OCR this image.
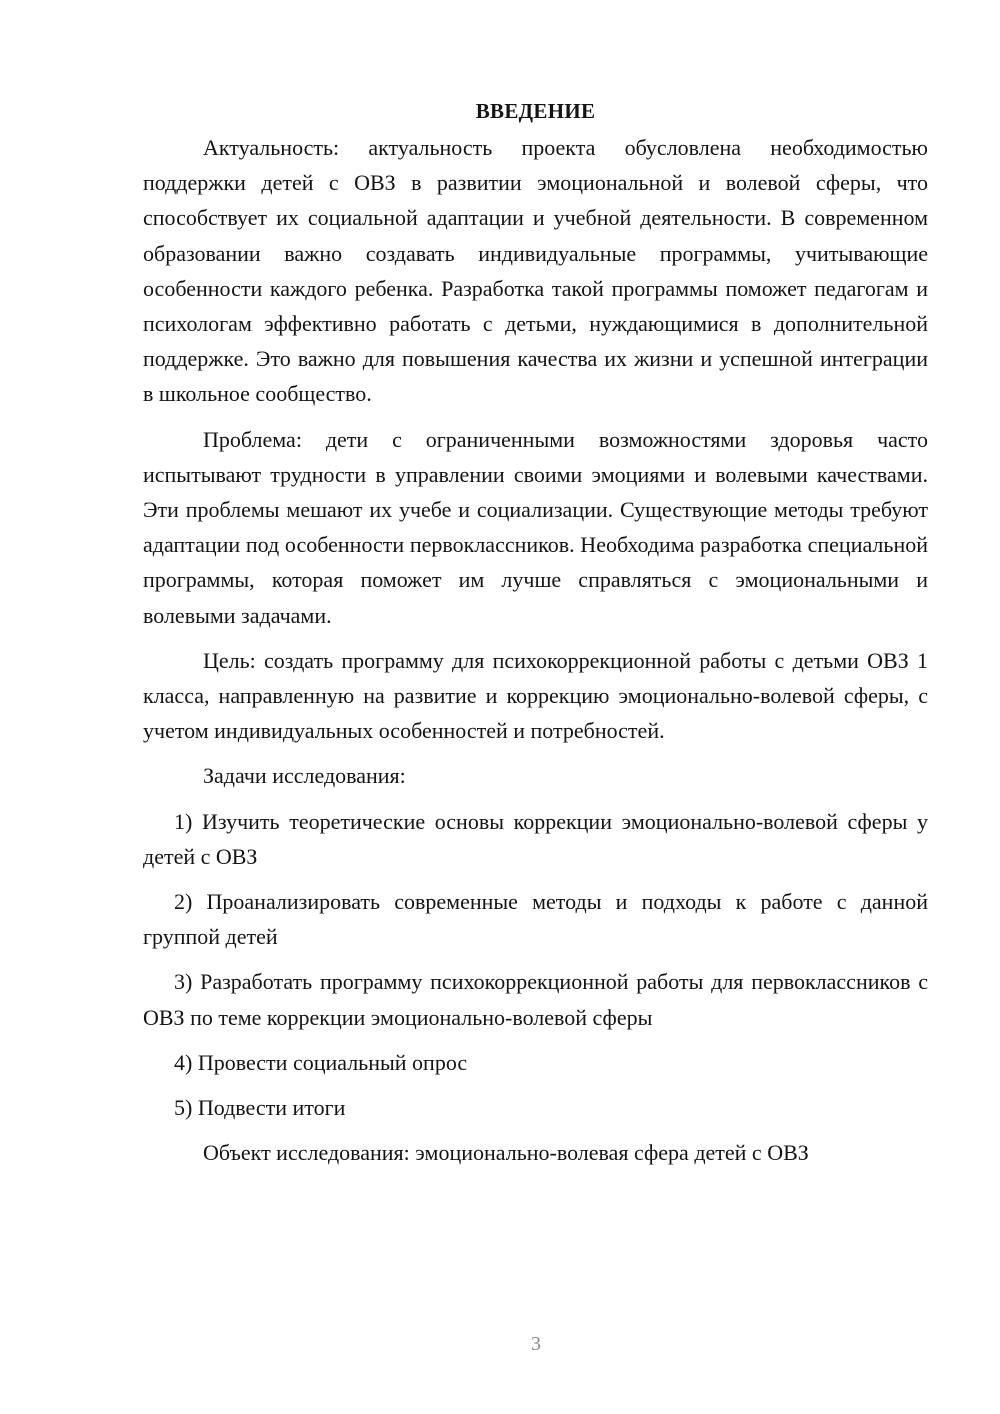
ВВЕДЕНИЕ

Актуальность: актуальность проекта обусловлена необходимостью поддержки детей с ОВЗ в развитии эмоциональной и волевой сферы, что способствует их социальной адаптации и учебной деятельности. В современном образовании важно создавать индивидуальные программы, учитывающие особенности каждого ребенка. Разработка такой программы поможет педагогам и психологам эффективно работать с детьми, нуждающимися в дополнительной поддержке. Это важно для повышения качества их жизни и успешной интеграции в школьное сообщество.

Проблема: дети с ограниченными возможностями здоровья часто испытывают трудности в управлении своими эмоциями и волевыми качествами. Эти проблемы мешают их учебе и социализации. Существующие методы требуют адаптации под особенности первоклассников. Необходима разработка специальной программы, которая поможет им лучше справляться с эмоциональными и волевыми задачами.

Цель: создать программу для психокоррекционной работы с детьми ОВЗ 1 класса, направленную на развитие и коррекцию эмоционально-волевой сферы, с учетом индивидуальных особенностей и потребностей.

Задачи исследования:

1) Изучить теоретические основы коррекции эмоционально-волевой сферы у детей с ОВЗ

2) Проанализировать современные методы и подходы к работе с данной группой детей

3) Разработать программу психокоррекционной работы для первоклассников с ОВЗ по теме коррекции эмоционально-волевой сферы

4) Провести социальный опрос

5) Подвести итоги

Объект исследования: эмоционально-волевая сфера детей с ОВЗ

3
